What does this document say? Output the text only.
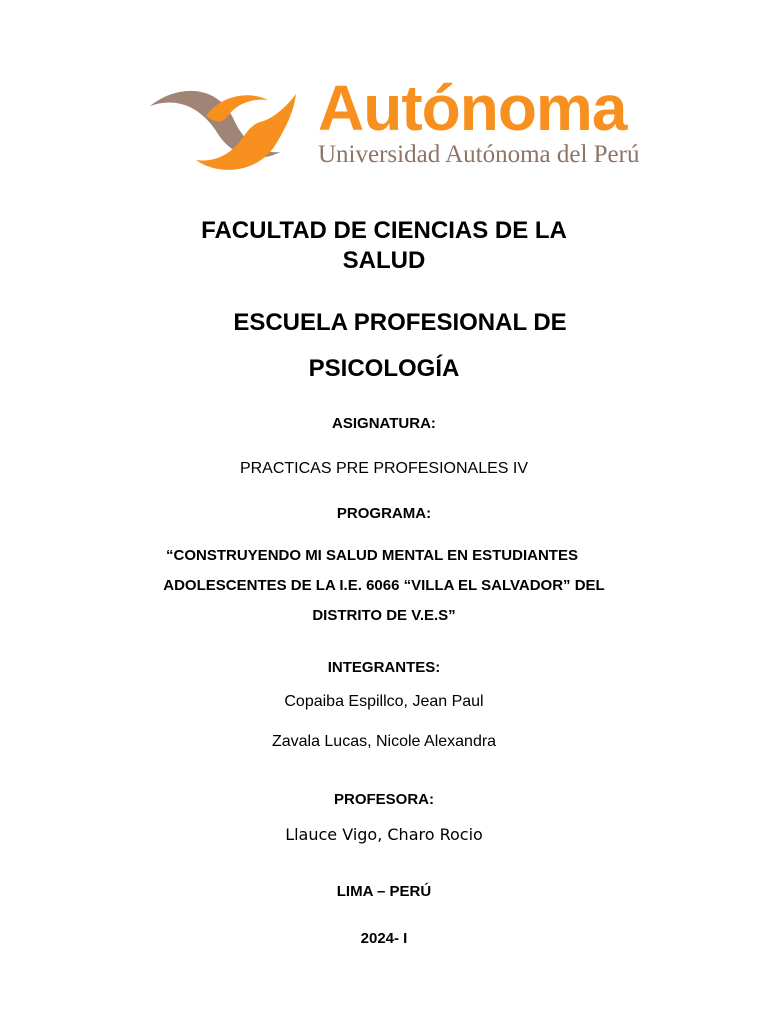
Autónoma
Universidad Autónoma del Perú
FACULTAD DE CIENCIAS DE LA
SALUD
ESCUELA PROFESIONAL DE
PSICOLOGÍA
ASIGNATURA:
PRACTICAS PRE PROFESIONALES IV
PROGRAMA:
“CONSTRUYENDO MI SALUD MENTAL EN ESTUDIANTES
ADOLESCENTES DE LA I.E. 6066 “VILLA EL SALVADOR” DEL
DISTRITO DE V.E.S”
INTEGRANTES:
Copaiba Espillco, Jean Paul
Zavala Lucas, Nicole Alexandra
PROFESORA:
Llauce Vigo, Charo Rocio
LIMA – PERÚ
2024- I
